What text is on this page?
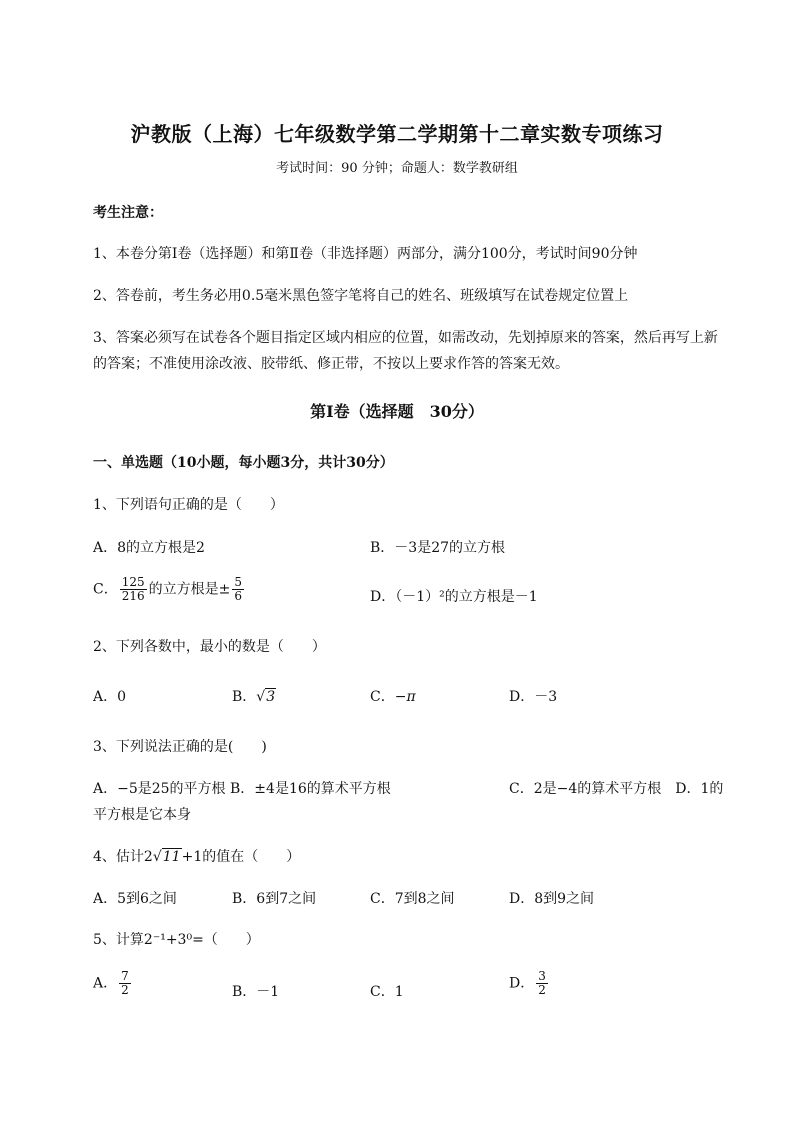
沪教版（上海）七年级数学第二学期第十二章实数专项练习
考试时间：90 分钟；命题人：数学教研组
考生注意：
1、本卷分第I卷（选择题）和第Ⅱ卷（非选择题）两部分，满分100分，考试时间90分钟
2、答卷前，考生务必用0.5毫米黑色签字笔将自己的姓名、班级填写在试卷规定位置上
3、答案必须写在试卷各个题目指定区域内相应的位置，如需改动，先划掉原来的答案，然后再写上新
的答案；不准使用涂改液、胶带纸、修正带，不按以上要求作答的答案无效。
第I卷（选择题　30分）
一、单选题（10小题，每小题3分，共计30分）
1、下列语句正确的是（　　）
A．8的立方根是2	B．－3是27的立方根
C． $\frac{125}{216}$ 的立方根是± $\frac{5}{6}$	D．（－1）²的立方根是－1
2、下列各数中，最小的数是（　　）
A．0	B．√3	C．−π	D．－3
3、下列说法正确的是(　　)
A．−5是25的平方根 B．±4是16的算术平方根	C．2是−4的算术平方根　D．1的
平方根是它本身
4、估计2√11+1的值在（　　）
A．5到6之间	B．6到7之间	C．7到8之间	D．8到9之间
5、计算2⁻¹+3⁰=（　　）
A． $\frac{7}{2}$	B．－1	C．1
D． $\frac{3}{2}$
